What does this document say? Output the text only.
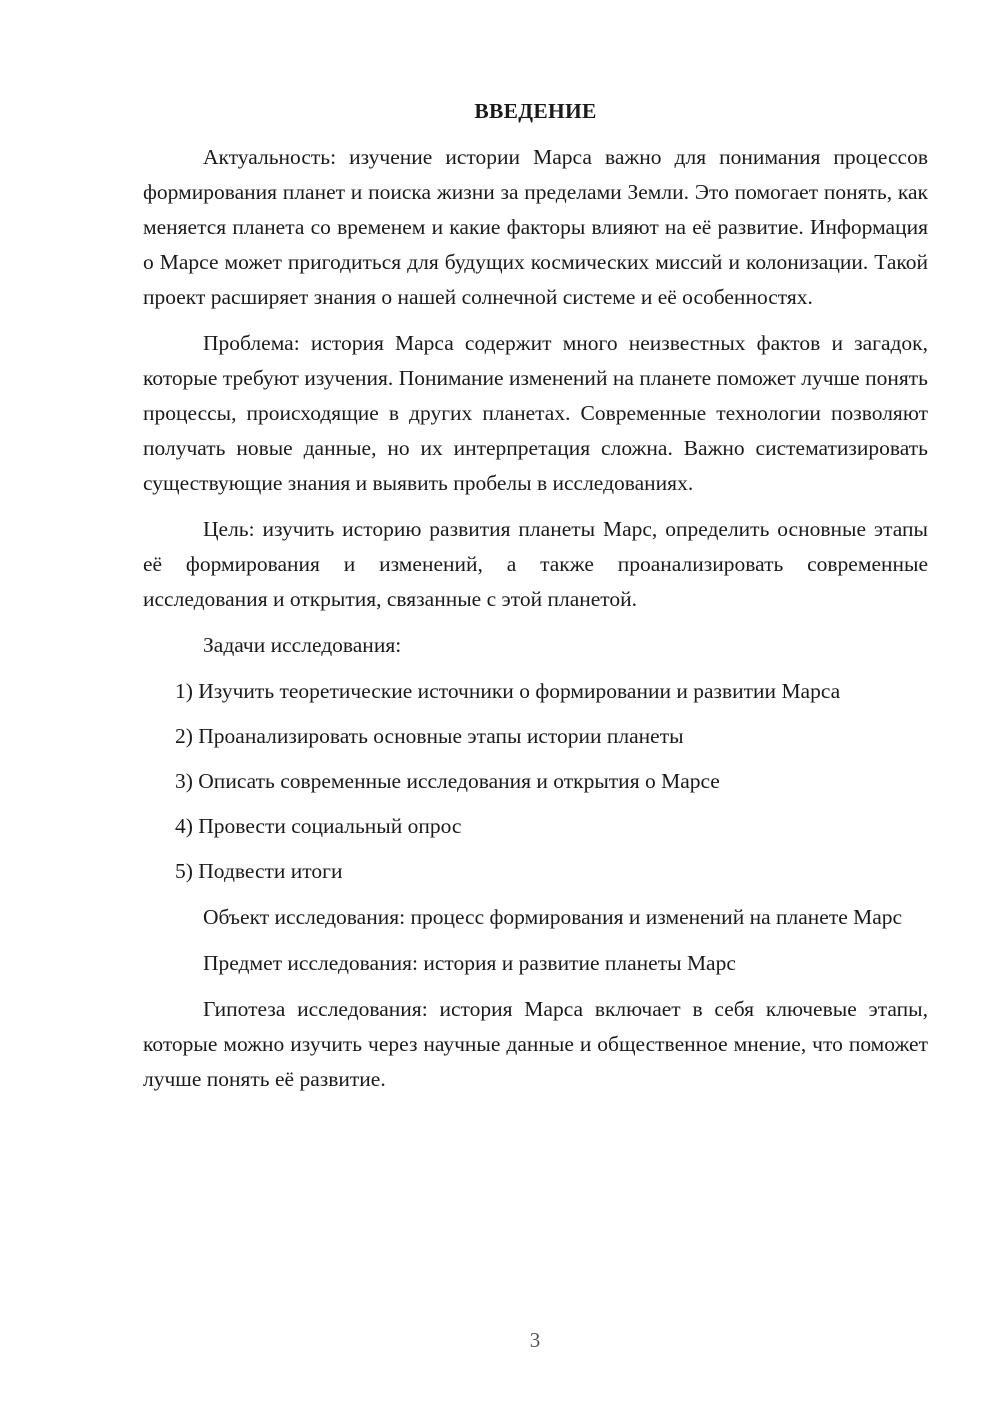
ВВЕДЕНИЕ

Актуальность: изучение истории Марса важно для понимания процессов формирования планет и поиска жизни за пределами Земли. Это помогает понять, как меняется планета со временем и какие факторы влияют на её развитие. Информация о Марсе может пригодиться для будущих космических миссий и колонизации. Такой проект расширяет знания о нашей солнечной системе и её особенностях.

Проблема: история Марса содержит много неизвестных фактов и загадок, которые требуют изучения. Понимание изменений на планете поможет лучше понять процессы, происходящие в других планетах. Современные технологии позволяют получать новые данные, но их интерпретация сложна. Важно систематизировать существующие знания и выявить пробелы в исследованиях.

Цель: изучить историю развития планеты Марс, определить основные этапы её формирования и изменений, а также проанализировать современные исследования и открытия, связанные с этой планетой.

Задачи исследования:

1) Изучить теоретические источники о формировании и развитии Марса
2) Проанализировать основные этапы истории планеты
3) Описать современные исследования и открытия о Марсе
4) Провести социальный опрос
5) Подвести итоги

Объект исследования: процесс формирования и изменений на планете Марс

Предмет исследования: история и развитие планеты Марс

Гипотеза исследования: история Марса включает в себя ключевые этапы, которые можно изучить через научные данные и общественное мнение, что поможет лучше понять её развитие.

3
